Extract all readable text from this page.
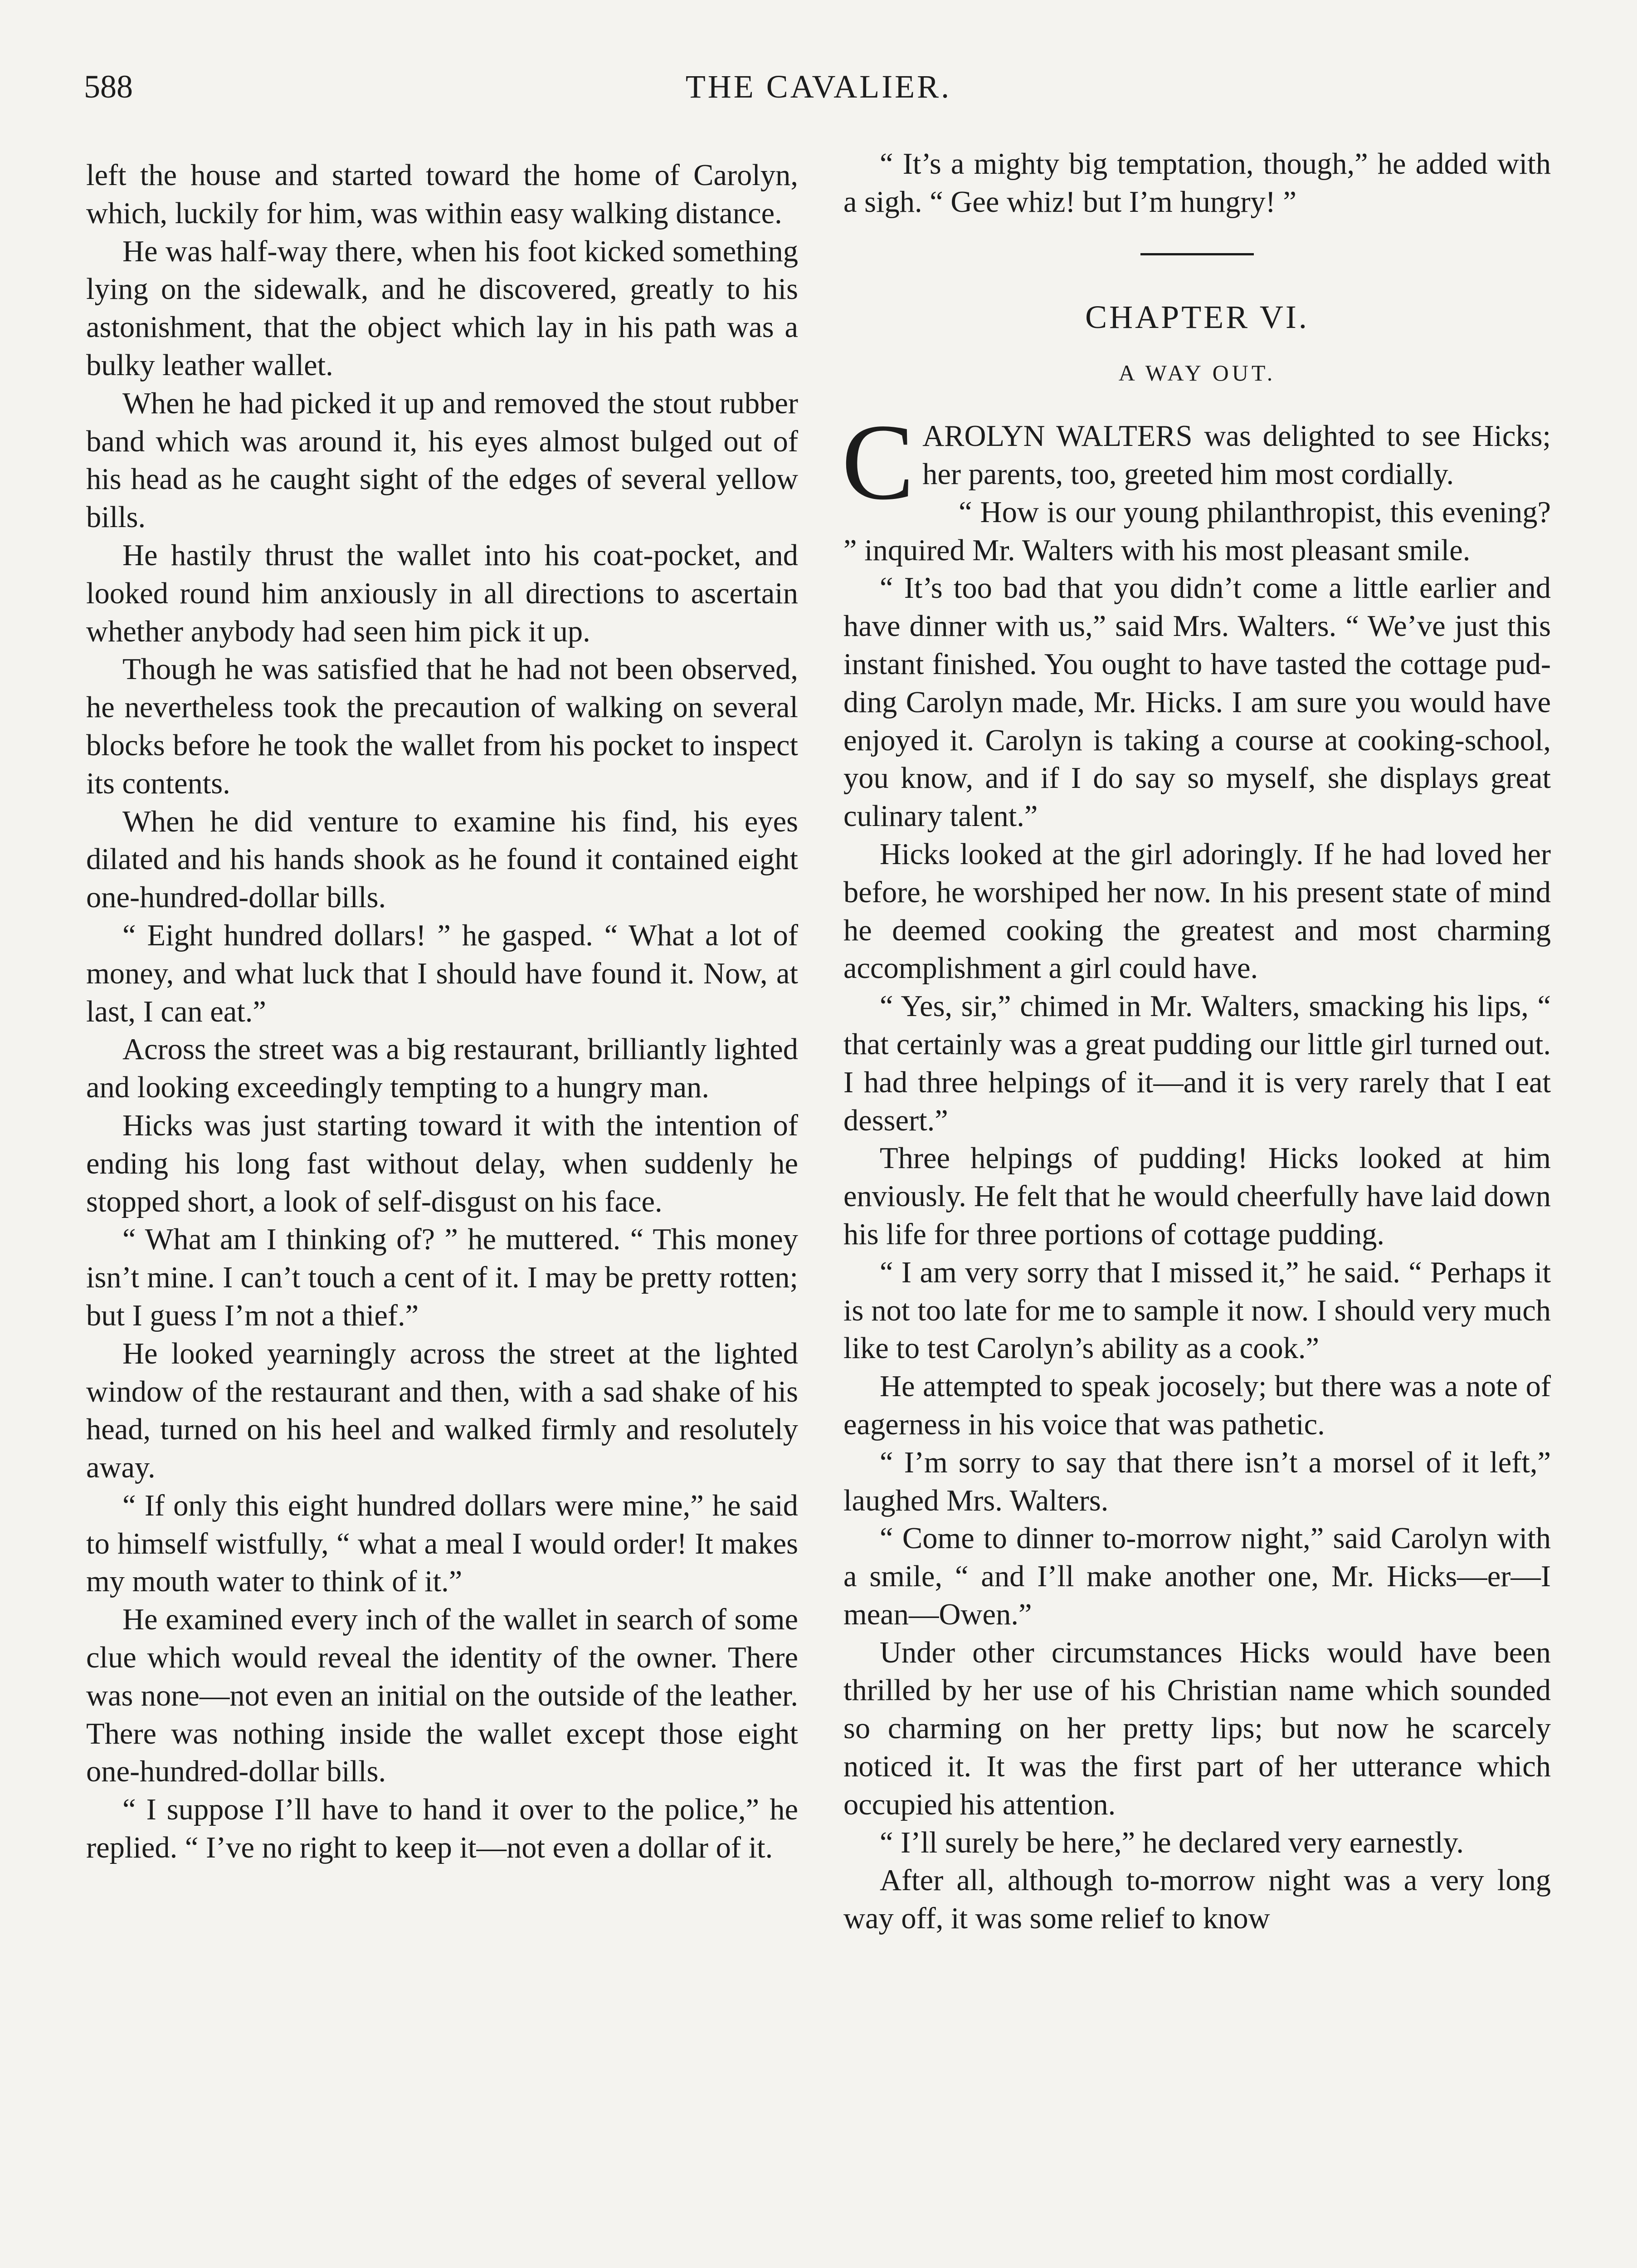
588	THE CAVALIER.

left the house and started toward the home of Carolyn, which, luckily for him, was within easy walking distance.

He was half-way there, when his foot kicked something lying on the sidewalk, and he discovered, greatly to his astonishment, that the object which lay in his path was a bulky leather wallet.

When he had picked it up and removed the stout rubber band which was around it, his eyes almost bulged out of his head as he caught sight of the edges of several yellow bills.

He hastily thrust the wallet into his coat-pocket, and looked round him anxiously in all directions to ascertain whether anybody had seen him pick it up.

Though he was satisfied that he had not been observed, he nevertheless took the precaution of walking on several blocks before he took the wallet from his pocket to inspect its contents.

When he did venture to examine his find, his eyes dilated and his hands shook as he found it contained eight one-hundred-dollar bills.

“ Eight hundred dollars! ” he gasped. “ What a lot of money, and what luck that I should have found it. Now, at last, I can eat.”

Across the street was a big restaurant, brilliantly lighted and looking exceedingly tempting to a hungry man.

Hicks was just starting toward it with the intention of ending his long fast without delay, when suddenly he stopped short, a look of self-disgust on his face.

“ What am I thinking of? ” he muttered. “ This money isn’t mine. I can’t touch a cent of it. I may be pretty rotten; but I guess I’m not a thief.”

He looked yearningly across the street at the lighted window of the restaurant and then, with a sad shake of his head, turned on his heel and walked firmly and resolutely away.

“ If only this eight hundred dollars were mine,” he said to himself wistfully, “ what a meal I would order! It makes my mouth water to think of it.”

He examined every inch of the wallet in search of some clue which would reveal the identity of the owner. There was none—not even an initial on the outside of the leather. There was nothing inside the wallet except those eight one-hundred-dollar bills.

“ I suppose I’ll have to hand it over to the police,” he replied. “ I’ve no right to keep it—not even a dollar of it.

“ It’s a mighty big temptation, though,” he added with a sigh. “ Gee whiz! but I’m hungry! ”

CHAPTER VI.
A WAY OUT.

CAROLYN WALTERS was delighted to see Hicks; her parents, too, greeted him most cordially.

“ How is our young philanthropist, this evening? ” inquired Mr. Walters with his most pleasant smile.

“ It’s too bad that you didn’t come a little earlier and have dinner with us,” said Mrs. Walters. “ We’ve just this instant finished. You ought to have tasted the cottage pudding Carolyn made, Mr. Hicks. I am sure you would have enjoyed it. Carolyn is taking a course at cooking-school, you know, and if I do say so myself, she displays great culinary talent.”

Hicks looked at the girl adoringly. If he had loved her before, he worshiped her now. In his present state of mind he deemed cooking the greatest and most charming accomplishment a girl could have.

“ Yes, sir,” chimed in Mr. Walters, smacking his lips, “ that certainly was a great pudding our little girl turned out. I had three helpings of it—and it is very rarely that I eat dessert.”

Three helpings of pudding! Hicks looked at him enviously. He felt that he would cheerfully have laid down his life for three portions of cottage pudding.

“ I am very sorry that I missed it,” he said. “ Perhaps it is not too late for me to sample it now. I should very much like to test Carolyn’s ability as a cook.”

He attempted to speak jocosely; but there was a note of eagerness in his voice that was pathetic.

“ I’m sorry to say that there isn’t a morsel of it left,” laughed Mrs. Walters.

“ Come to dinner to-morrow night,” said Carolyn with a smile, “ and I’ll make another one, Mr. Hicks—er—I mean—Owen.”

Under other circumstances Hicks would have been thrilled by her use of his Christian name which sounded so charming on her pretty lips; but now he scarcely noticed it. It was the first part of her utterance which occupied his attention.

“ I’ll surely be here,” he declared very earnestly.

After all, although to-morrow night was a very long way off, it was some relief to know
